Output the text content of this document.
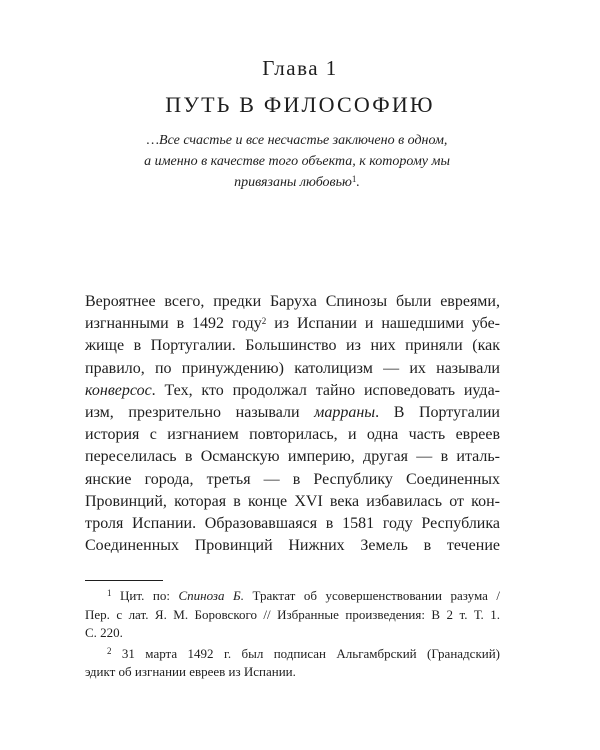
Глава 1
ПУТЬ В ФИЛОСОФИЮ
…Все счастье и все несчастье заключено в одном,
а именно в качестве того объекта, к которому мы
привязаны любовью$^1$.
Вероятнее всего, предки Баруха Спинозы были евреями,
изгнанными в 1492 году$^2$ из Испании и нашедшими убе-
жище в Португалии. Большинство из них приняли (как
правило, по принуждению) католицизм — их называли
конверсос. Тех, кто продолжал тайно исповедовать иуда-
изм, презрительно называли марраны. В Португалии
история с изгнанием повторилась, и одна часть евреев
переселилась в Османскую империю, другая — в италь-
янские города, третья — в Республику Соединенных
Провинций, которая в конце XVI века избавилась от кон-
троля Испании. Образовавшаяся в 1581 году Республика
Соединенных Провинций Нижних Земель в течение
$^1$ Цит. по: Спиноза Б. Трактат об усовершенствовании разума /
Пер. с лат. Я. М. Боровского // Избранные произведения: В 2 т. Т. 1.
С. 220.
$^2$ 31 марта 1492 г. был подписан Альгамбрский (Гранадский)
эдикт об изгнании евреев из Испании.
